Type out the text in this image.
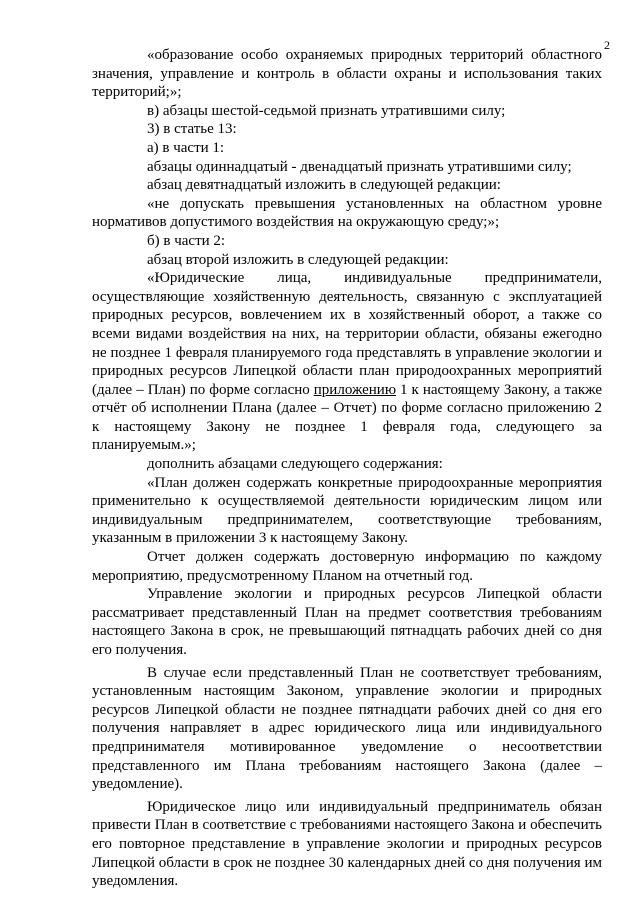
2

«образование особо охраняемых природных территорий областного значения, управление и контроль в области охраны и использования таких территорий;»;

в) абзацы шестой-седьмой признать утратившими силу;

3) в статье 13:

а) в части 1:

абзацы одиннадцатый - двенадцатый признать утратившими силу;

абзац девятнадцатый изложить в следующей редакции:

«не допускать превышения установленных на областном уровне нормативов допустимого воздействия на окружающую среду;»;

б) в части 2:

абзац второй изложить в следующей редакции:

«Юридические лица, индивидуальные предприниматели, осуществляющие хозяйственную деятельность, связанную с эксплуатацией природных ресурсов, вовлечением их в хозяйственный оборот, а также со всеми видами воздействия на них, на территории области, обязаны ежегодно не позднее 1 февраля планируемого года представлять в управление экологии и природных ресурсов Липецкой области план природоохранных мероприятий (далее – План) по форме согласно приложению 1 к настоящему Закону, а также отчёт об исполнении Плана (далее – Отчет) по форме согласно приложению 2 к настоящему Закону не позднее 1 февраля года, следующего за планируемым.»;

дополнить абзацами следующего содержания:

«План должен содержать конкретные природоохранные мероприятия применительно к осуществляемой деятельности юридическим лицом или индивидуальным предпринимателем, соответствующие требованиям, указанным в приложении 3 к настоящему Закону.

Отчет должен содержать достоверную информацию по каждому мероприятию, предусмотренному Планом на отчетный год.

Управление экологии и природных ресурсов Липецкой области рассматривает представленный План на предмет соответствия требованиям настоящего Закона в срок, не превышающий пятнадцать рабочих дней со дня его получения.

В случае если представленный План не соответствует требованиям, установленным настоящим Законом, управление экологии и природных ресурсов Липецкой области не позднее пятнадцати рабочих дней со дня его получения направляет в адрес юридического лица или индивидуального предпринимателя мотивированное уведомление о несоответствии представленного им Плана требованиям настоящего Закона (далее – уведомление).

Юридическое лицо или индивидуальный предприниматель обязан привести План в соответствие с требованиями настоящего Закона и обеспечить его повторное представление в управление экологии и природных ресурсов Липецкой области в срок не позднее 30 календарных дней со дня получения им уведомления.
